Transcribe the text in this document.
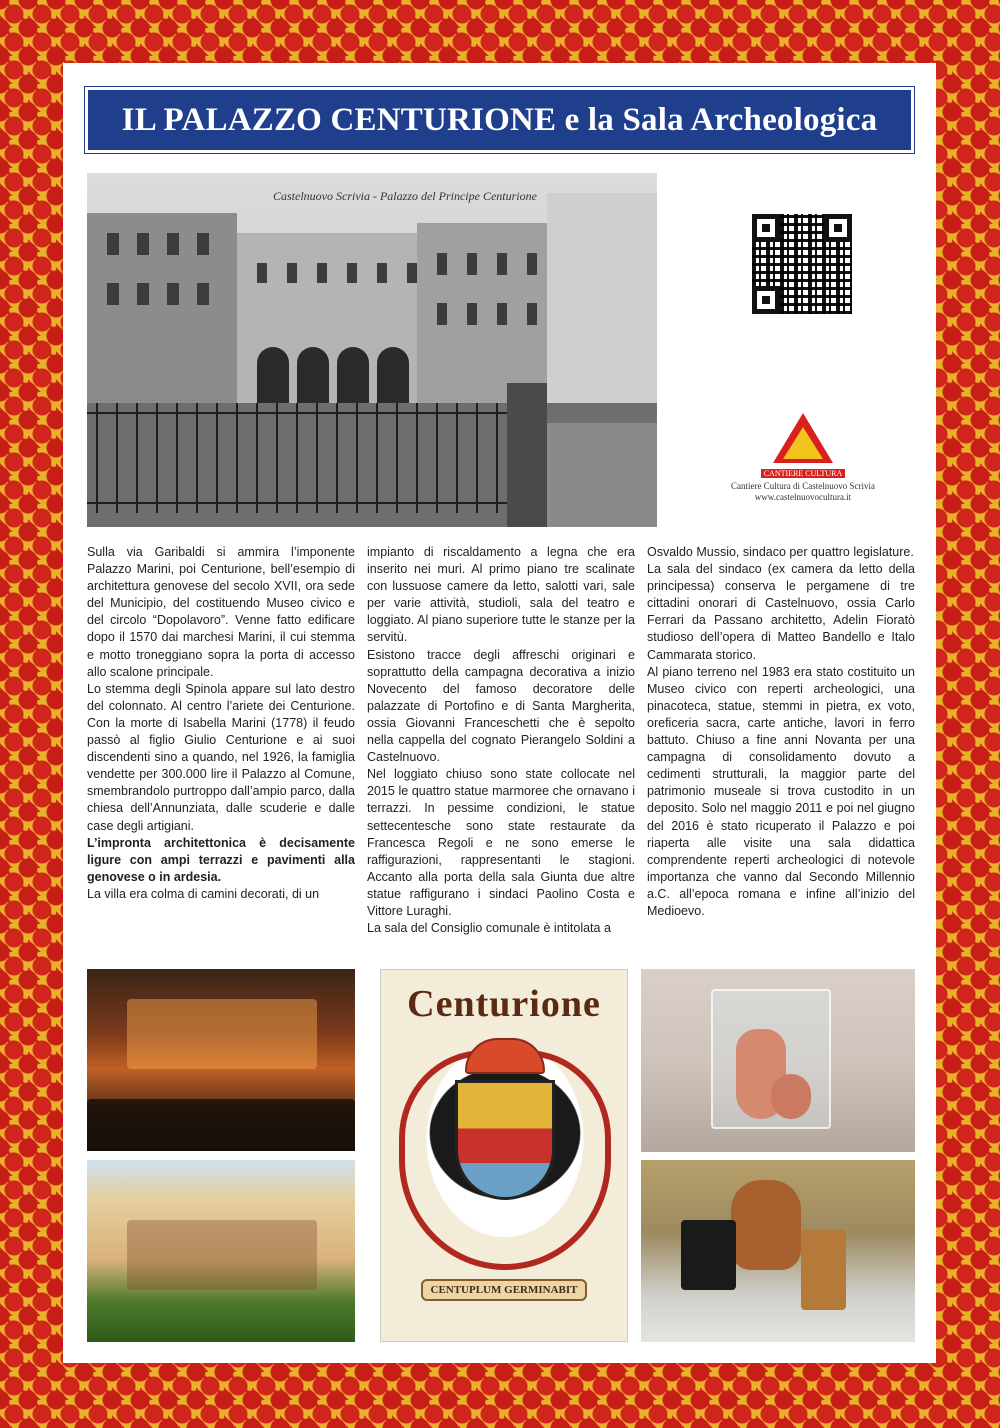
IL PALAZZO CENTURIONE e la Sala Archeologica
Castelnuovo Scrivia - Palazzo del Principe Centurione
CANTIERE CULTURA
Cantiere Cultura di Castelnuovo Scrivia
www.castelnuovocultura.it

Sulla via Garibaldi si ammira l’imponente Palazzo Marini, poi Centurione, bell’esempio di architettura genovese del secolo XVII, ora sede del Municipio, del costituendo Museo civico e del circolo “Dopolavoro”. Venne fatto edificare dopo il 1570 dai marchesi Marini, il cui stemma e motto troneggiano sopra la porta di accesso allo scalone principale.

Lo stemma degli Spinola appare sul lato destro del colonnato. Al centro l’ariete dei Centurione. Con la morte di Isabella Marini (1778) il feudo passò al figlio Giulio Centurione e ai suoi discendenti sino a quando, nel 1926, la famiglia vendette per 300.000 lire il Palazzo al Comune, smembrandolo purtroppo dall’ampio parco, dalla chiesa dell’Annunziata, dalle scuderie e dalle case degli artigiani.

L’impronta architettonica è decisamente ligure con ampi terrazzi e pavimenti alla genovese o in ardesia.

La villa era colma di camini decorati, di un

impianto di riscaldamento a legna che era inserito nei muri. Al primo piano tre scalinate con lussuose camere da letto, salotti vari, sale per varie attività, studioli, sala del teatro e loggiato. Al piano superiore tutte le stanze per la servitù.

Esistono tracce degli affreschi originari e soprattutto della campagna decorativa a inizio Novecento del famoso decoratore delle palazzate di Portofino e di Santa Margherita, ossia Giovanni Franceschetti che è sepolto nella cappella del cognato Pierangelo Soldini a Castelnuovo.

Nel loggiato chiuso sono state collocate nel 2015 le quattro statue marmoree che ornavano i terrazzi. In pessime condizioni, le statue settecentesche sono state restaurate da Francesca Regoli e ne sono emerse le raffigurazioni, rappresentanti le stagioni. Accanto alla porta della sala Giunta due altre statue raffigurano i sindaci Paolino Costa e Vittore Luraghi.

La sala del Consiglio comunale è intitolata a

Osvaldo Mussio, sindaco per quattro legislature.

La sala del sindaco (ex camera da letto della principessa) conserva le pergamene di tre cittadini onorari di Castelnuovo, ossia Carlo Ferrari da Passano architetto, Adelin Fioratò studioso dell’opera di Matteo Bandello e Italo Cammarata storico.

Al piano terreno nel 1983 era stato costituito un Museo civico con reperti archeologici, una pinacoteca, statue, stemmi in pietra, ex voto, oreficeria sacra, carte antiche, lavori in ferro battuto. Chiuso a fine anni Novanta per una campagna di consolidamento dovuto a cedimenti strutturali, la maggior parte del patrimonio museale si trova custodito in un deposito. Solo nel maggio 2011 e poi nel giugno del 2016 è stato ricuperato il Palazzo e poi riaperta alle visite una sala didattica comprendente reperti archeologici di notevole importanza che vanno dal Secondo Millennio a.C. all’epoca romana e infine all’inizio del Medioevo.

Centurione
CENTUPLUM GERMINABIT
